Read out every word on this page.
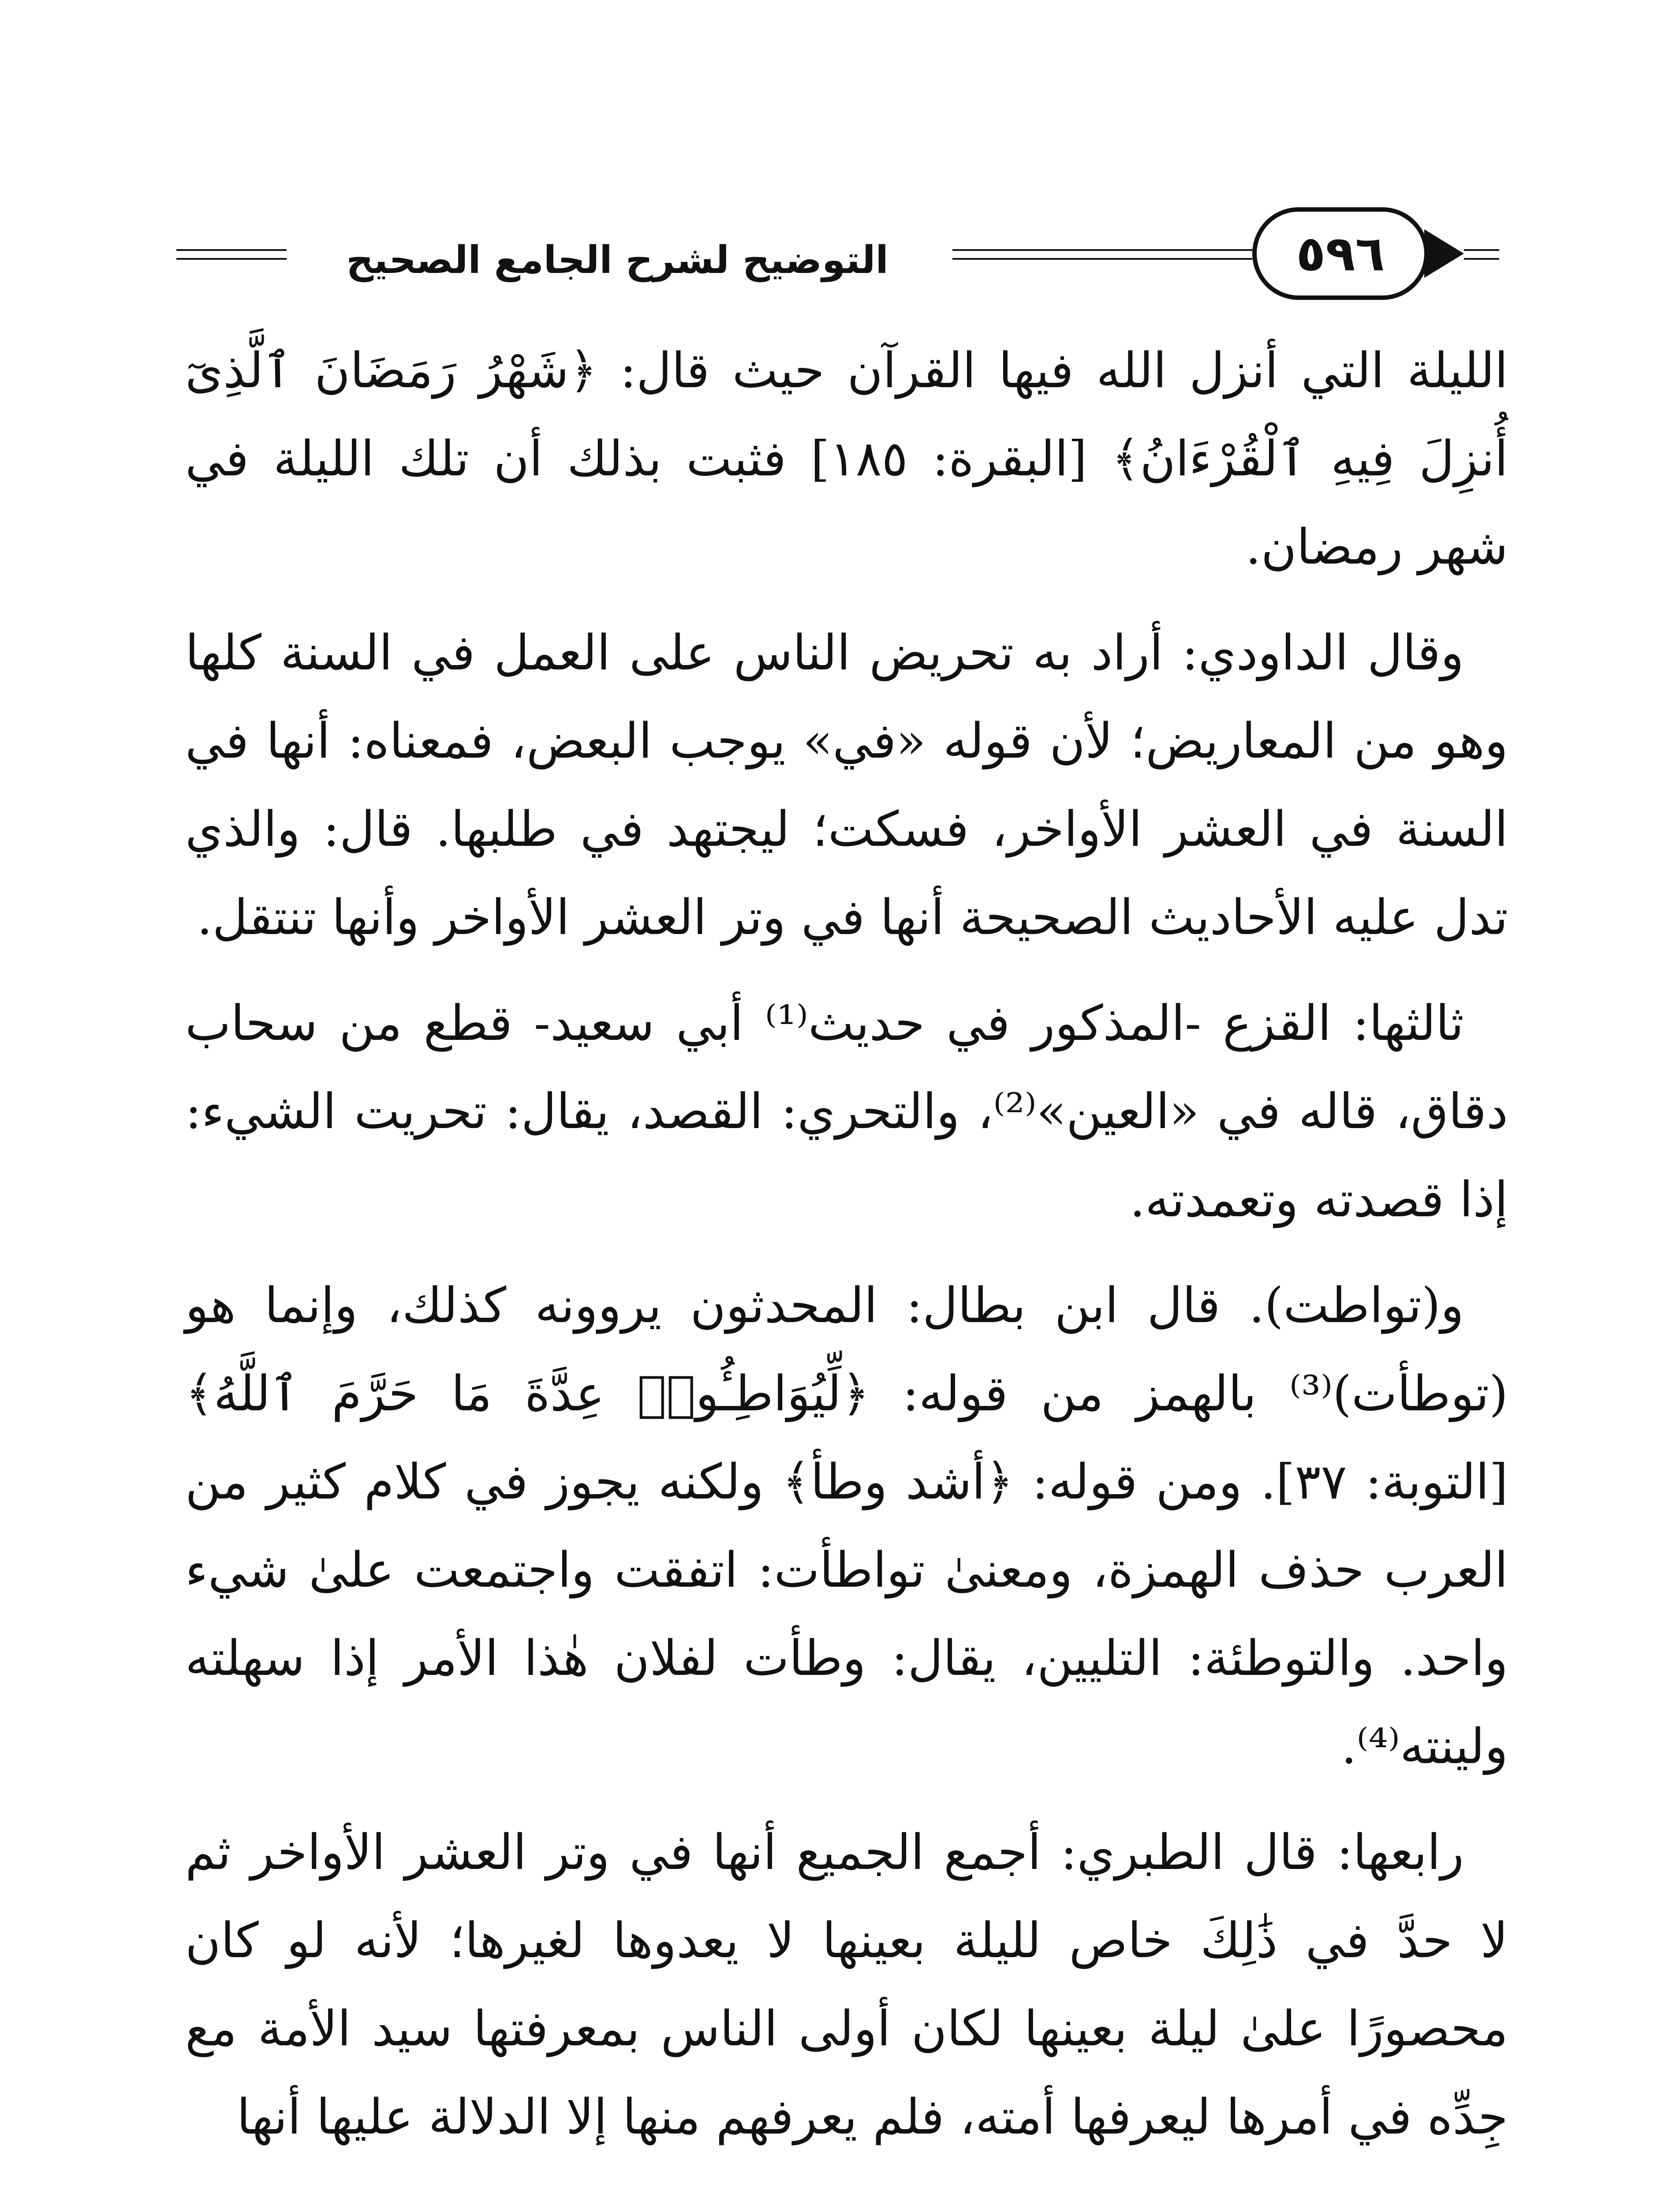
التوضيح لشرح الجامع الصحيح	٥٩٦

الليلة التي أنزل الله فيها القرآن حيث قال: ﴿شَهْرُ رَمَضَانَ ٱلَّذِىٓ أُنزِلَ فِيهِ ٱلْقُرْءَانُ﴾ [البقرة: ١٨٥] فثبت بذلك أن تلك الليلة في شهر رمضان.

وقال الداودي: أراد به تحريض الناس على العمل في السنة كلها وهو من المعاريض؛ لأن قوله «في» يوجب البعض، فمعناه: أنها في السنة في العشر الأواخر، فسكت؛ ليجتهد في طلبها. قال: والذي تدل عليه الأحاديث الصحيحة أنها في وتر العشر الأواخر وأنها تنتقل.

ثالثها: القزع -المذكور في حديث⁽¹⁾ أبي سعيد- قطع من سحاب دقاق، قاله في «العين»⁽²⁾، والتحري: القصد، يقال: تحريت الشيء: إذا قصدته وتعمدته.

و(تواطت). قال ابن بطال: المحدثون يروونه كذلك، وإنما هو (توطأت)⁽³⁾ بالهمز من قوله: ﴿لِّيُوَاطِـُٔوا۟ عِدَّةَ مَا حَرَّمَ ٱللَّهُ﴾ [التوبة: ٣٧]. ومن قوله: ﴿أشد وطأ﴾ ولكنه يجوز في كلام كثير من العرب حذف الهمزة، ومعنىٰ تواطأت: اتفقت واجتمعت علىٰ شيء واحد. والتوطئة: التليين، يقال: وطأت لفلان هٰذا الأمر إذا سهلته ولينته⁽⁴⁾.

رابعها: قال الطبري: أجمع الجميع أنها في وتر العشر الأواخر ثم لا حدَّ في ذَٰلِكَ خاص لليلة بعينها لا يعدوها لغيرها؛ لأنه لو كان محصورًا علىٰ ليلة بعينها لكان أولى الناس بمعرفتها سيد الأمة مع جِدِّه في أمرها ليعرفها أمته، فلم يعرفهم منها إلا الدلالة عليها أنها
